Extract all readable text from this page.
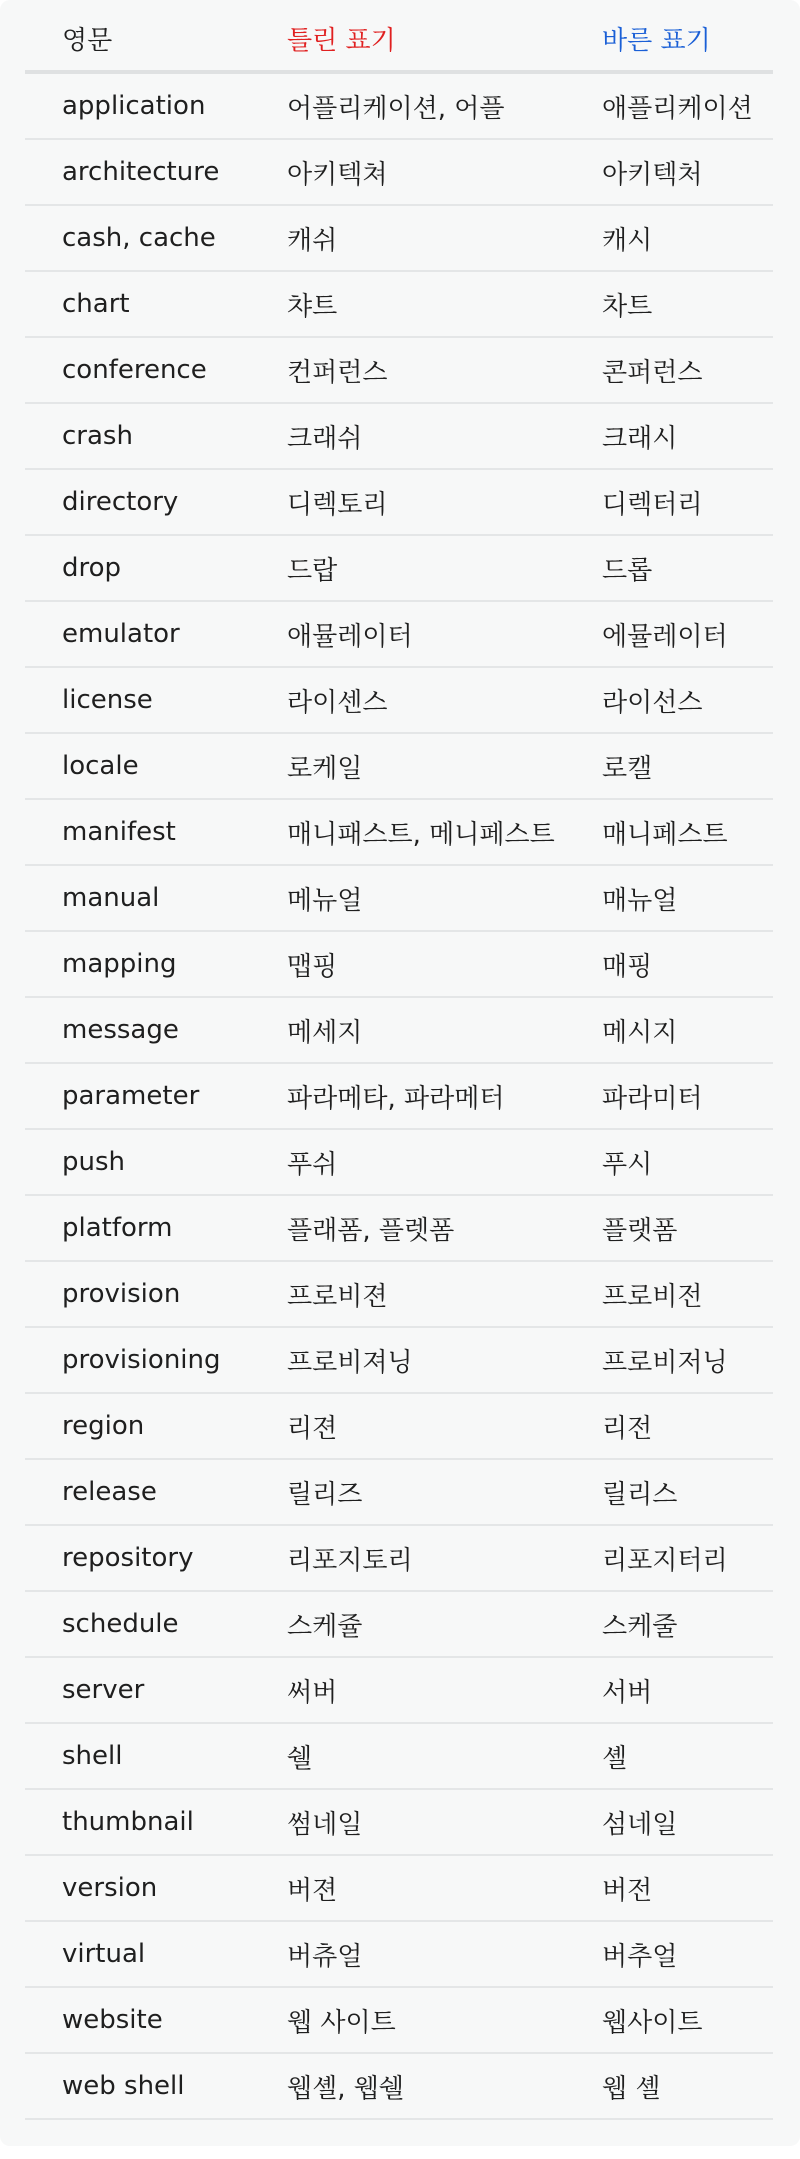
영문	틀린 표기	바른 표기
application	어플리케이션, 어플	애플리케이션
architecture	아키텍쳐	아키텍처
cash, cache	캐쉬	캐시
chart	챠트	차트
conference	컨퍼런스	콘퍼런스
crash	크래쉬	크래시
directory	디렉토리	디렉터리
drop	드랍	드롭
emulator	애뮬레이터	에뮬레이터
license	라이센스	라이선스
locale	로케일	로캘
manifest	매니패스트, 메니페스트	매니페스트
manual	메뉴얼	매뉴얼
mapping	맵핑	매핑
message	메세지	메시지
parameter	파라메타, 파라메터	파라미터
push	푸쉬	푸시
platform	플래폼, 플렛폼	플랫폼
provision	프로비젼	프로비전
provisioning	프로비져닝	프로비저닝
region	리젼	리전
release	릴리즈	릴리스
repository	리포지토리	리포지터리
schedule	스케쥴	스케줄
server	써버	서버
shell	쉘	셸
thumbnail	썸네일	섬네일
version	버젼	버전
virtual	버츄얼	버추얼
website	웹 사이트	웹사이트
web shell	웹셸, 웹쉘	웹 셸
